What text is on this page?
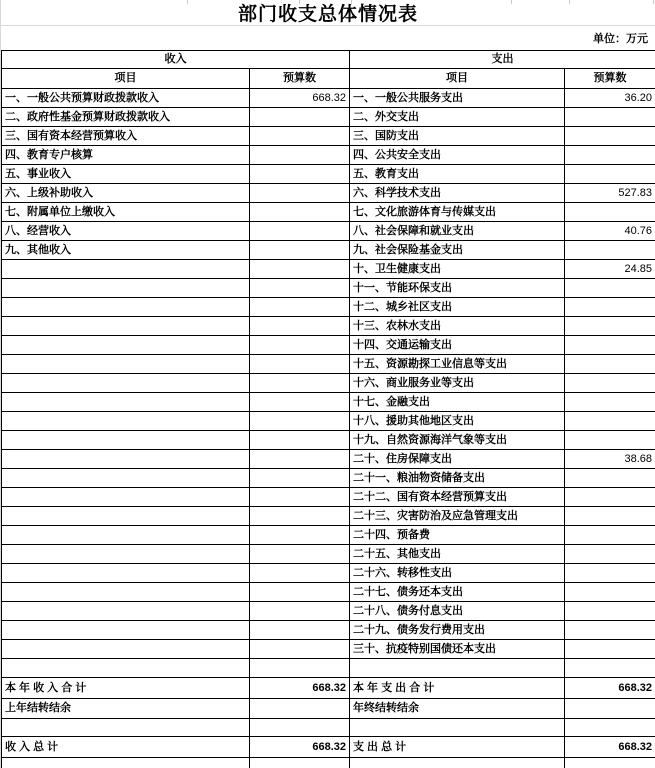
部门收支总体情况表
单位：万元
收入		支出	
项目	预算数	项目	预算数
一、一般公共预算财政拨款收入	668.32	一、一般公共服务支出	36.20
二、政府性基金预算财政拨款收入		二、外交支出	
三、国有资本经营预算收入		三、国防支出	
四、教育专户核算		四、公共安全支出	
五、事业收入		五、教育支出	
六、上级补助收入		六、科学技术支出	527.83
七、附属单位上缴收入		七、文化旅游体育与传媒支出	
八、经营收入		八、社会保障和就业支出	40.76
九、其他收入		九、社会保险基金支出	
		十、卫生健康支出	24.85
		十一、节能环保支出	
		十二、城乡社区支出	
		十三、农林水支出	
		十四、交通运输支出	
		十五、资源勘探工业信息等支出	
		十六、商业服务业等支出	
		十七、金融支出	
		十八、援助其他地区支出	
		十九、自然资源海洋气象等支出	
		二十、住房保障支出	38.68
		二十一、粮油物资储备支出	
		二十二、国有资本经营预算支出	
		二十三、灾害防治及应急管理支出	
		二十四、预备费	
		二十五、其他支出	
		二十六、转移性支出	
		二十七、债务还本支出	
		二十八、债务付息支出	
		二十九、债务发行费用支出	
		三十、抗疫特别国债还本支出	

本 年 收 入 合 计	668.32	本 年 支 出 合 计	668.32
上年结转结余		年终结转结余	

收 入 总 计	668.32	支 出 总 计	668.32
